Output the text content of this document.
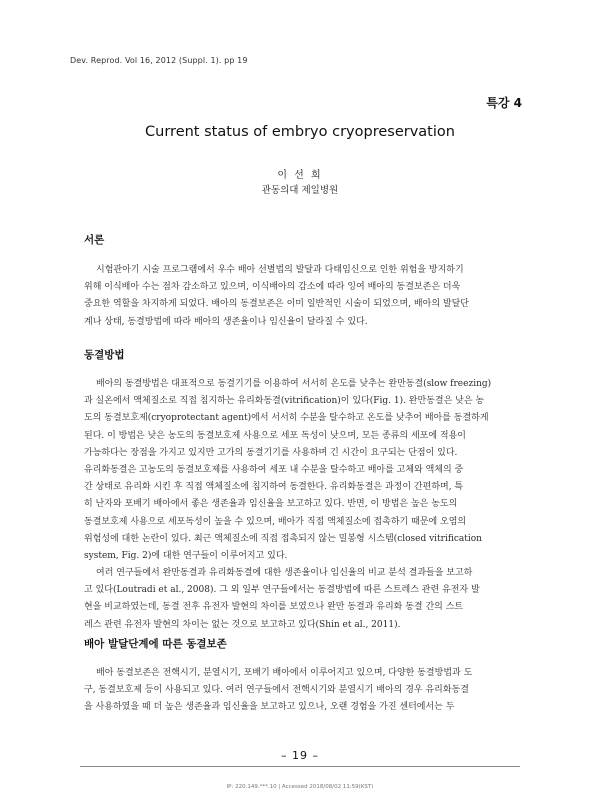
Dev. Reprod. Vol 16, 2012 (Suppl. 1). pp 19
특강 4
Current status of embryo cryopreservation
이 선 희
관동의대 제일병원
서론
시험관아기 시술 프로그램에서 우수 배아 선별법의 발달과 다태임신으로 인한 위험을 방지하기
위해 이식배아 수는 점차 감소하고 있으며, 이식배아의 감소에 따라 잉여 배아의 동결보존은 더욱
중요한 역할을 차지하게 되었다. 배아의 동결보존은 이미 일반적인 시술이 되었으며, 배아의 발달단
계나 상태, 동결방법에 따라 배아의 생존율이나 임신율이 달라질 수 있다.
동결방법
배아의 동결방법은 대표적으로 동결기기를 이용하여 서서히 온도를 낮추는 완만동결(slow freezing)
과 실온에서 액체질소로 직접 침지하는 유리화동결(vitrification)이 있다(Fig. 1). 완만동결은 낮은 농
도의 동결보호제(cryoprotectant agent)에서 서서히 수분을 탈수하고 온도를 낮추어 배아를 동결하게
된다. 이 방법은 낮은 농도의 동결보호제 사용으로 세포 독성이 낮으며, 모든 종류의 세포에 적용이
가능하다는 장점을 가지고 있지만 고가의 동결기기를 사용하며 긴 시간이 요구되는 단점이 있다.
유리화동결은 고농도의 동결보호제를 사용하여 세포 내 수분을 탈수하고 배아를 고체와 액체의 중
간 상태로 유리화 시킨 후 직접 액체질소에 침지하여 동결한다. 유리화동결은 과정이 간편하며, 특
히 난자와 포배기 배아에서 좋은 생존율과 임신율을 보고하고 있다. 반면, 이 방법은 높은 농도의
동결보호제 사용으로 세포독성이 높을 수 있으며, 배아가 직접 액체질소에 접촉하기 때문에 오염의
위험성에 대한 논란이 있다. 최근 액체질소에 직접 접촉되지 않는 밀봉형 시스템(closed vitrification
system, Fig. 2)에 대한 연구들이 이루어지고 있다.
여러 연구들에서 완만동결과 유리화동결에 대한 생존율이나 임신율의 비교 분석 결과들을 보고하
고 있다(Loutradi et al., 2008). 그 외 일부 연구들에서는 동결방법에 따른 스트레스 관련 유전자 발
현을 비교하였는데, 동결 전후 유전자 발현의 차이를 보였으나 완만 동결과 유리화 동결 간의 스트
레스 관련 유전자 발현의 차이는 없는 것으로 보고하고 있다(Shin et al., 2011).
배아 발달단계에 따른 동결보존
배아 동결보존은 전핵시기, 분열시기, 포배기 배아에서 이루어지고 있으며, 다양한 동결방법과 도
구, 동결보호제 등이 사용되고 있다. 여러 연구들에서 전핵시기와 분열시기 배아의 경우 유리화동결
을 사용하였을 때 더 높은 생존율과 임신율을 보고하고 있으나, 오랜 경험을 가진 센터에서는 두
– 19 –
IP: 220.149.***.10 | Accessed 2018/08/02 11:59(KST)
